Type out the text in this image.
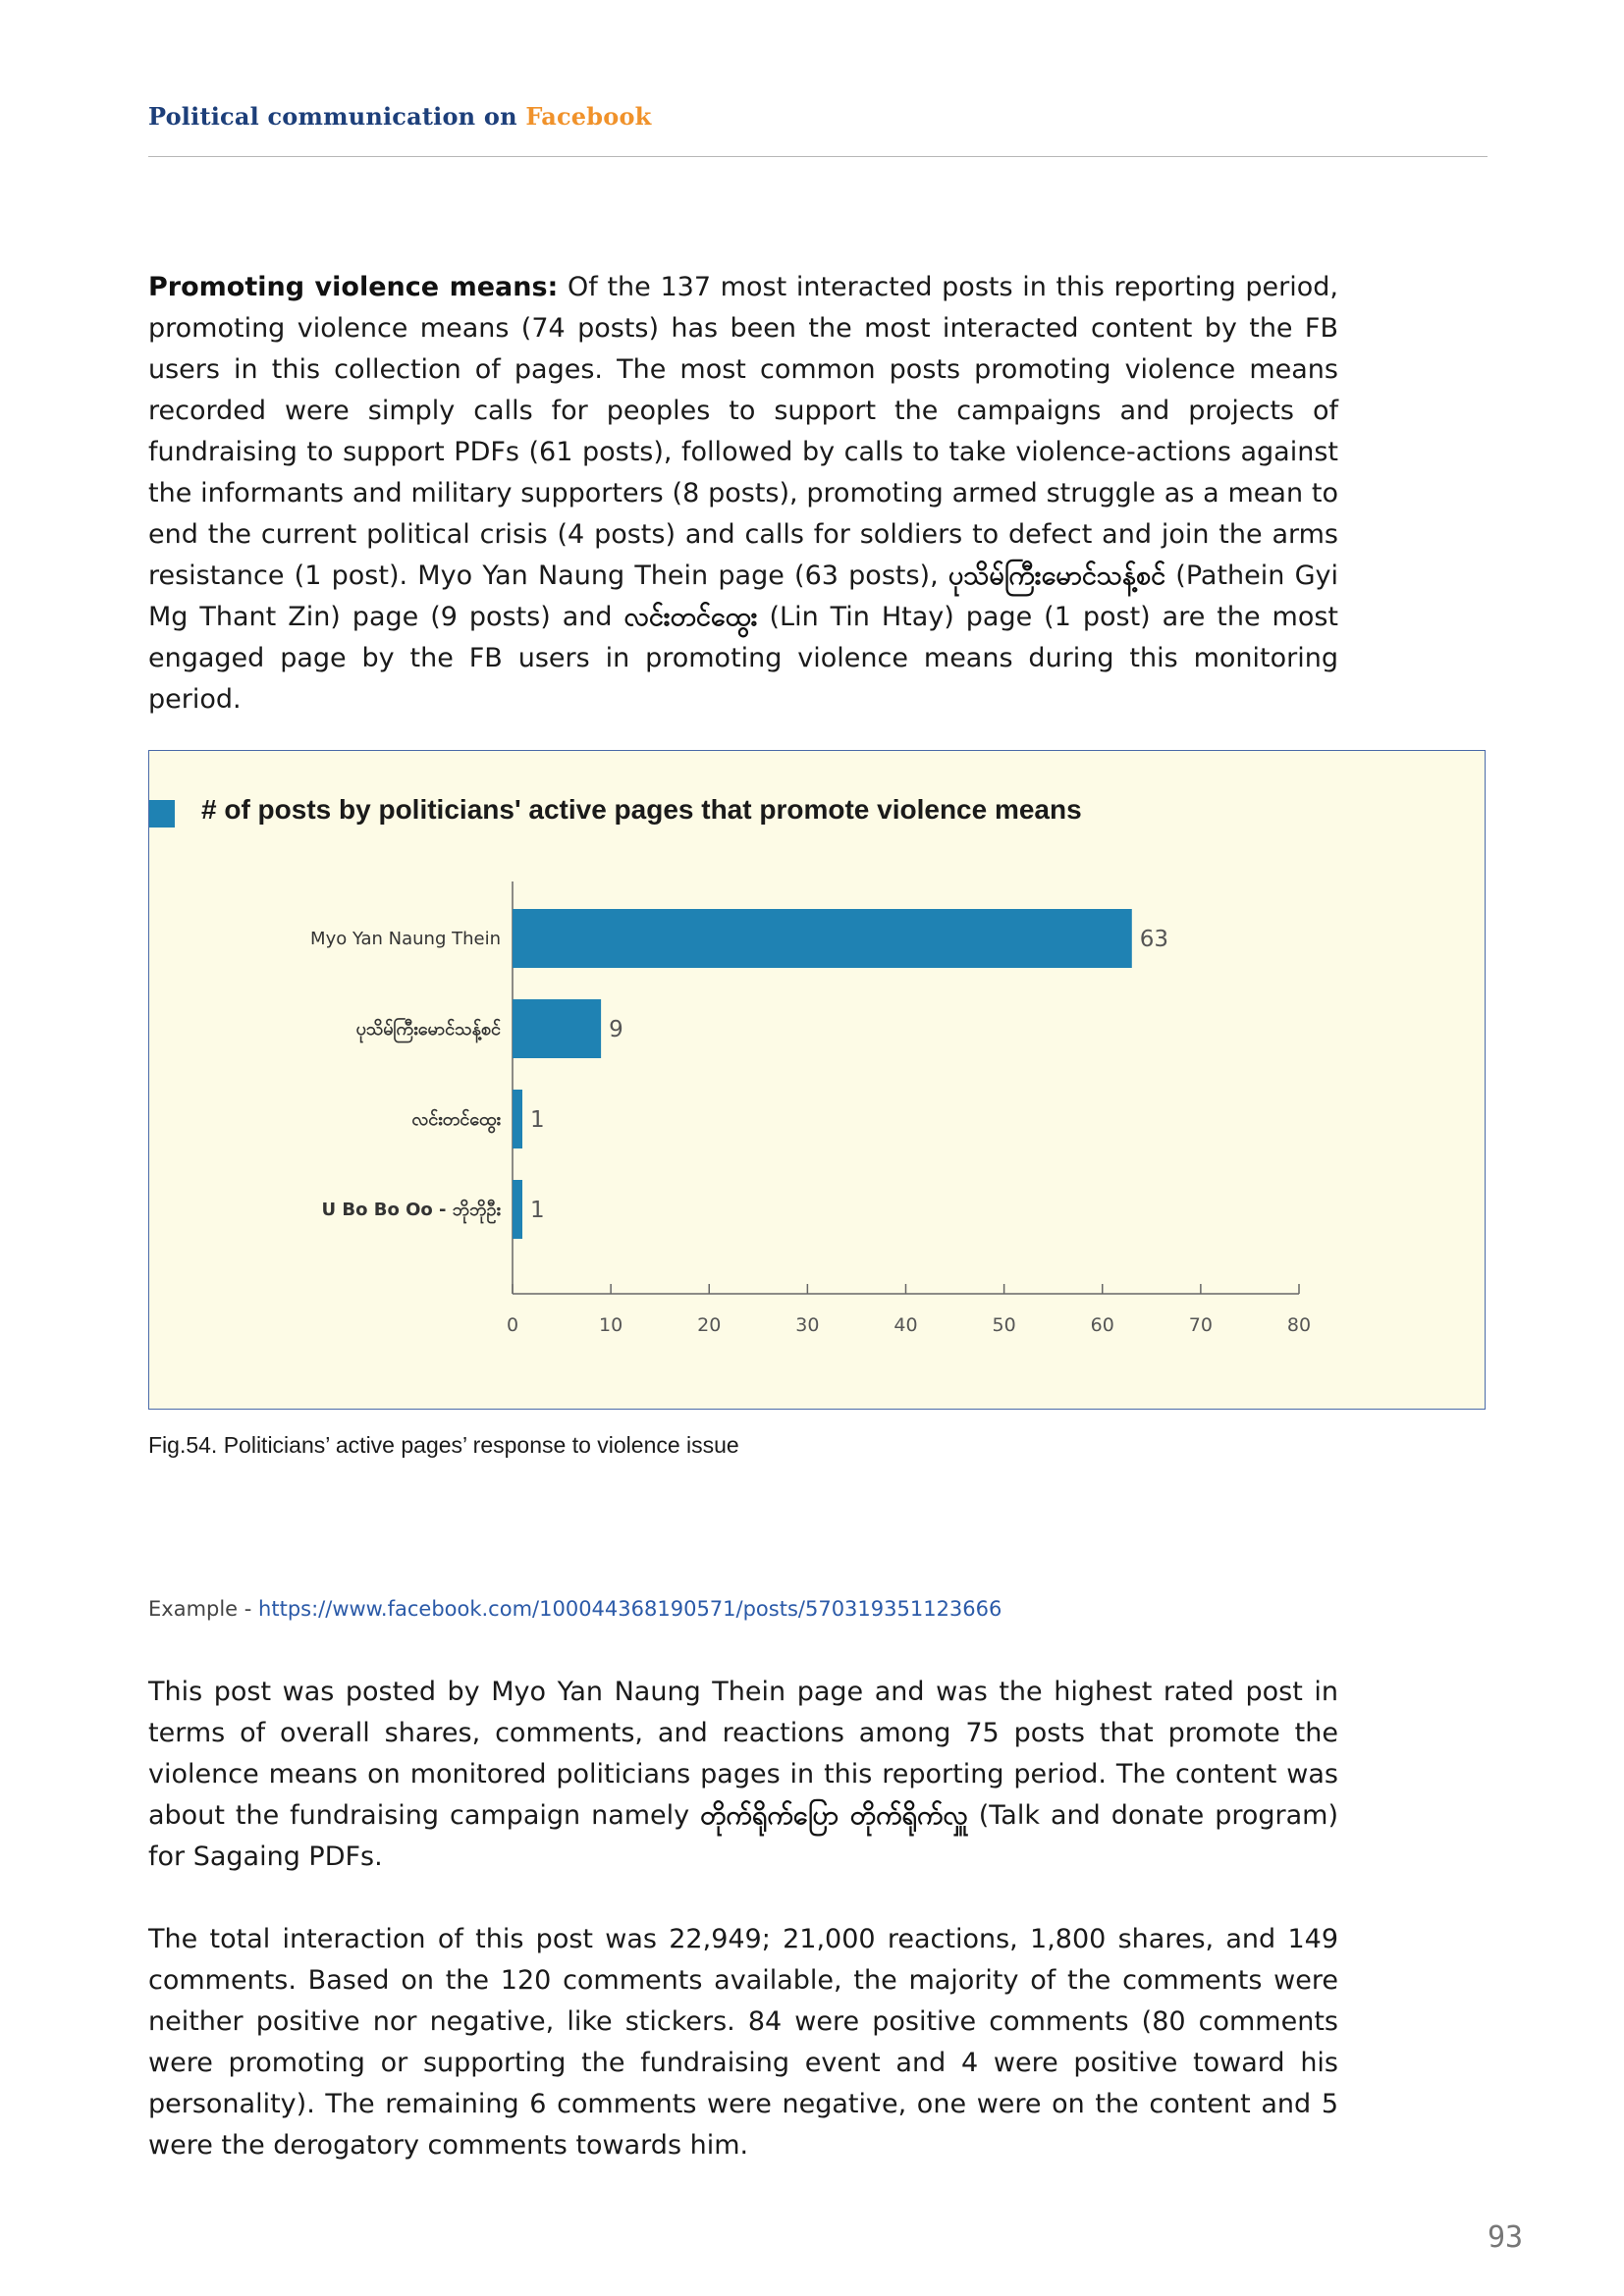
Political communication on Facebook

Promoting violence means: Of the 137 most interacted posts in this reporting period, promoting violence means (74 posts) has been the most interacted content by the FB users in this collection of pages. The most common posts promoting violence means recorded were simply calls for peoples to support the campaigns and projects of fundraising to support PDFs (61 posts), followed by calls to take violence-actions against the informants and military supporters (8 posts), promoting armed struggle as a mean to end the current political crisis (4 posts) and calls for soldiers to defect and join the arms resistance (1 post). Myo Yan Naung Thein page (63 posts), ပုသိမ်ကြီးမောင်သန့်စင် (Pathein Gyi Mg Thant Zin) page (9 posts) and လင်းတင်ထွေး (Lin Tin Htay) page (1 post) are the most engaged page by the FB users in promoting violence means during this monitoring period.

# of posts by politicians' active pages that promote violence means
0	10	20	30	40	50	60	70	80
63
Myo Yan Naung Thein
9
ပုသိမ်ကြီးမောင်သန့်စင်
1
လင်းတင်ထွေး
1
U Bo Bo Oo - ဘိုဘိုဦး
Fig.54. Politicians’ active pages’ response to violence issue
Example - https://www.facebook.com/100044368190571/posts/570319351123666

This post was posted by Myo Yan Naung Thein page and was the highest rated post in terms of overall shares, comments, and reactions among 75 posts that promote the violence means on monitored politicians pages in this reporting period. The content was about the fundraising campaign namely တိုက်ရိုက်ပြော တိုက်ရိုက်လှူ (Talk and donate program) for Sagaing PDFs.

The total interaction of this post was 22,949; 21,000 reactions, 1,800 shares, and 149 comments. Based on the 120 comments available, the majority of the comments were neither positive nor negative, like stickers. 84 were positive comments (80 comments were promoting or supporting the fundraising event and 4 were positive toward his personality). The remaining 6 comments were negative, one were on the content and 5 were the derogatory comments towards him.

93
